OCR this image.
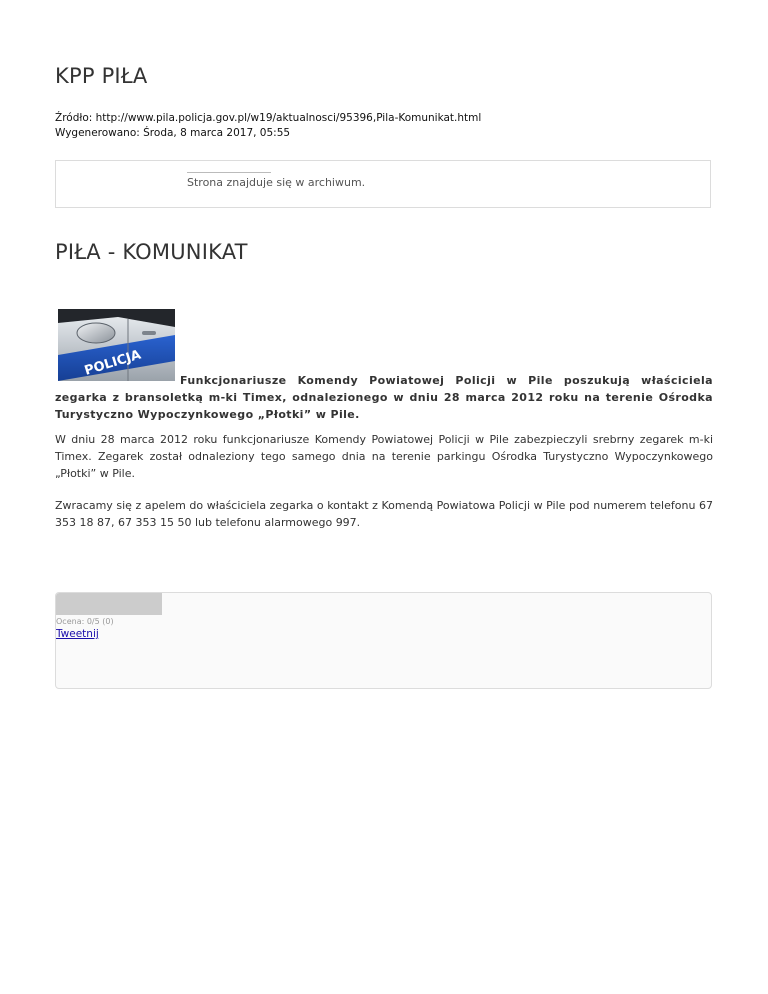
KPP PIŁA
Źródło: http://www.pila.policja.gov.pl/w19/aktualnosci/95396,Pila-Komunikat.html
Wygenerowano: Środa, 8 marca 2017, 05:55
Strona znajduje się w archiwum.
PIŁA - KOMUNIKAT
POLICJA

Funkcjonariusze Komendy Powiatowej Policji w Pile poszukują właściciela zegarka z bransoletką m-ki Timex, odnalezionego w dniu 28 marca 2012 roku na terenie Ośrodka Turystyczno Wypoczynkowego „Płotki” w Pile.

W dniu 28 marca 2012 roku funkcjonariusze Komendy Powiatowej Policji w Pile zabezpieczyli srebrny zegarek m-ki Timex. Zegarek został odnaleziony tego samego dnia na terenie parkingu Ośrodka Turystyczno Wypoczynkowego „Płotki” w Pile.

Zwracamy się z apelem do właściciela zegarka o kontakt z Komendą Powiatowa Policji w Pile pod numerem telefonu 67 353 18 87, 67 353 15 50 lub telefonu alarmowego 997.

Ocena: 0/5 (0)
Tweetnij
